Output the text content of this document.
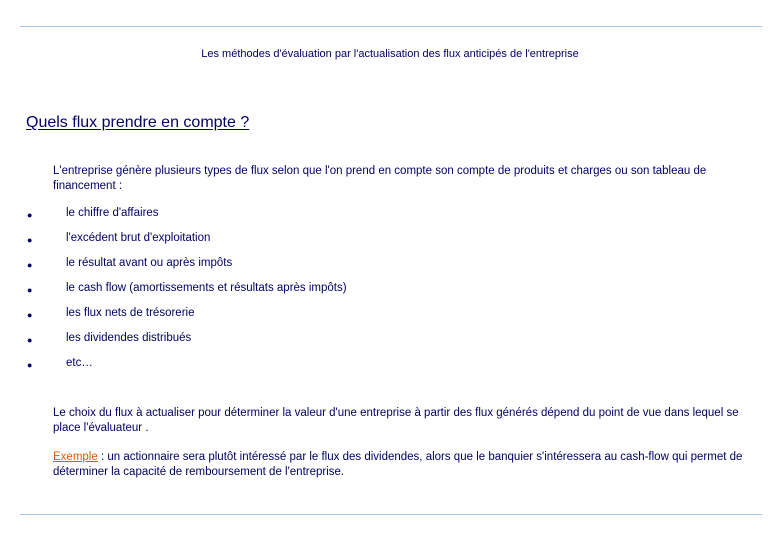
Les méthodes d'évaluation par l'actualisation des flux anticipés de l'entreprise
Quels flux prendre en compte ?

L'entreprise génère plusieurs types de flux selon que l'on prend en compte son compte de produits et charges ou son tableau de financement :

●	le chiffre d'affaires
●	l'excédent brut d'exploitation
●	le résultat avant ou après impôts
●	le cash flow (amortissements et résultats après impôts)
●	les flux nets de trésorerie
●	les dividendes distribués
●	etc…

Le choix du flux à actualiser pour déterminer la valeur d'une entreprise à partir des flux générés dépend du point de vue dans lequel se place l'évaluateur .

Exemple : un actionnaire sera plutôt intéressé par le flux des dividendes, alors que le banquier s'intéressera au cash-flow qui permet de déterminer la capacité de remboursement de l'entreprise.
